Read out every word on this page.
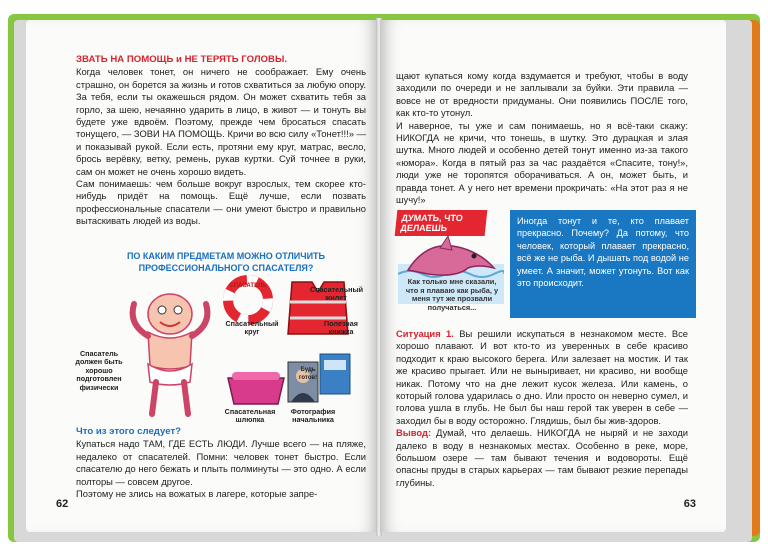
ЗВАТЬ НА ПОМОЩЬ и НЕ ТЕРЯТЬ ГОЛОВЫ.

Когда человек тонет, он ничего не соображает. Ему очень страшно, он борется за жизнь и готов схватиться за любую опору. За тебя, если ты окажешься рядом. Он может схватить тебя за горло, за шею, нечаянно ударить в лицо, в живот — и тонуть вы будете уже вдвоём. Поэтому, прежде чем бросаться спасать тонущего, — ЗОВИ НА ПОМОЩЬ. Кричи во всю силу «Тонет!!!» — и показывай рукой. Если есть, протяни ему круг, матрас, весло, брось верёвку, ветку, ремень, рукав куртки. Суй точнее в руки, сам он может не очень хорошо видеть.

Сам понимаешь: чем больше вокруг взрослых, тем скорее кто-нибудь придёт на помощь. Ещё лучше, если позвать профессиональные спасатели — они умеют быстро и правильно вытаскивать людей из воды.

ПО КАКИМ ПРЕДМЕТАМ МОЖНО ОТЛИЧИТЬ ПРОФЕССИОНАЛЬНОГО СПАСАТЕЛЯ?
Спасатель должен быть хорошо подготовлен физически
Спасательный круг
Спасательный жилет
Полезная книжка
Спасательная шлюпка
Фотография начальника
СПАСАТЕЛЬ
Будь готов!

Что из этого следует?

Купаться надо ТАМ, ГДЕ ЕСТЬ ЛЮДИ. Лучше всего — на пляже, недалеко от спасателей. Помни: человек тонет быстро. Если спасателю до него бежать и плыть полминуты — это одно. А если полторы — совсем другое.

Поэтому не злись на вожатых в лагере, которые запре-

62

щают купаться кому когда вздумается и требуют, чтобы в воду заходили по очереди и не заплывали за буйки. Эти правила — вовсе не от вредности придуманы. Они появились ПОСЛЕ того, как кто-то утонул.

И наверное, ты уже и сам понимаешь, но я всё-таки скажу: НИКОГДА не кричи, что тонешь, в шутку. Это дурацкая и злая шутка. Много людей и особенно детей тонут именно из-за такого «юмора». Когда в пятый раз за час раздаётся «Спасите, тону!», люди уже не торопятся оборачиваться. А он, может быть, и правда тонет. А у него нет времени прокричать: «На этот раз я не шучу!»

ДУМАТЬ, ЧТО ДЕЛАЕШЬ
Как только мне сказали, что я плаваю как рыба, у меня тут же прозвали получаться...
Иногда тонут и те, кто плавает прекрасно. Почему? Да потому, что человек, который плавает прекрасно, всё же не рыба. И дышать под водой не умеет. А значит, может утонуть. Вот как это происходит.

Ситуация 1. Вы решили искупаться в незнакомом месте. Все хорошо плавают. И вот кто-то из уверенных в себе красиво подходит к краю высокого берега. Или залезает на мостик. И так же красиво прыгает. Или не выныривает, ни красиво, ни вообще никак. Потому что на дне лежит кусок железа. Или камень, о который голова ударилась о дно. Или просто он неверно сумел, и голова ушла в глубь. Не был бы наш герой так уверен в себе — заходил бы в воду осторожно. Глядишь, был бы жив-здоров.

Вывод: Думай, что делаешь. НИКОГДА не ныряй и не заходи далеко в воду в незнакомых местах. Особенно в реке, море, большом озере — там бывают течения и водовороты. Ещё опасны пруды в старых карьерах — там бывают резкие перепады глубины.

63
